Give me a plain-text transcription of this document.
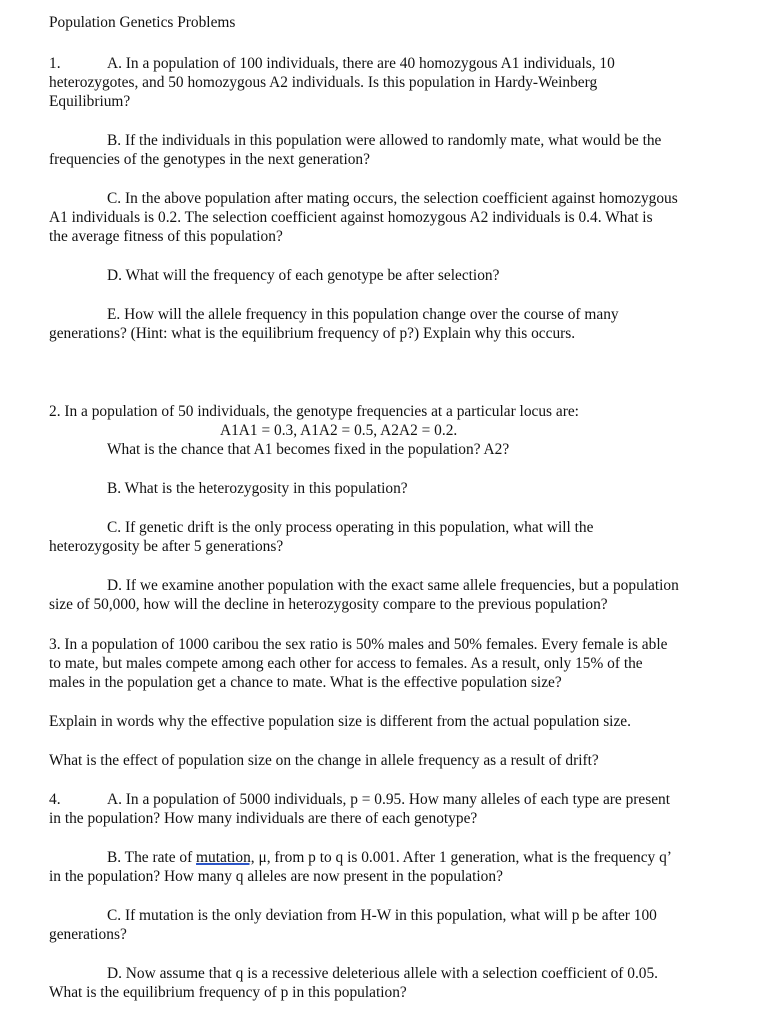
Population Genetics Problems
1.	A. In a population of 100 individuals, there are 40 homozygous A1 individuals, 10
heterozygotes, and 50 homozygous A2 individuals. Is this population in Hardy-Weinberg
Equilibrium?
B. If the individuals in this population were allowed to randomly mate, what would be the
frequencies of the genotypes in the next generation?
C. In the above population after mating occurs, the selection coefficient against homozygous
A1 individuals is 0.2. The selection coefficient against homozygous A2 individuals is 0.4. What is
the average fitness of this population?
D. What will the frequency of each genotype be after selection?
E. How will the allele frequency in this population change over the course of many
generations? (Hint: what is the equilibrium frequency of p?) Explain why this occurs.
2. In a population of 50 individuals, the genotype frequencies at a particular locus are:
A1A1 = 0.3, A1A2 = 0.5, A2A2 = 0.2.
What is the chance that A1 becomes fixed in the population? A2?
B. What is the heterozygosity in this population?
C. If genetic drift is the only process operating in this population, what will the
heterozygosity be after 5 generations?
D. If we examine another population with the exact same allele frequencies, but a population
size of 50,000, how will the decline in heterozygosity compare to the previous population?
3. In a population of 1000 caribou the sex ratio is 50% males and 50% females. Every female is able
to mate, but males compete among each other for access to females. As a result, only 15% of the
males in the population get a chance to mate. What is the effective population size?
Explain in words why the effective population size is different from the actual population size.
What is the effect of population size on the change in allele frequency as a result of drift?
4.	A. In a population of 5000 individuals, p = 0.95. How many alleles of each type are present
in the population? How many individuals are there of each genotype?
B. The rate of mutation, μ, from p to q is 0.001. After 1 generation, what is the frequency q’
in the population? How many q alleles are now present in the population?
C. If mutation is the only deviation from H-W in this population, what will p be after 100
generations?
D. Now assume that q is a recessive deleterious allele with a selection coefficient of 0.05.
What is the equilibrium frequency of p in this population?
